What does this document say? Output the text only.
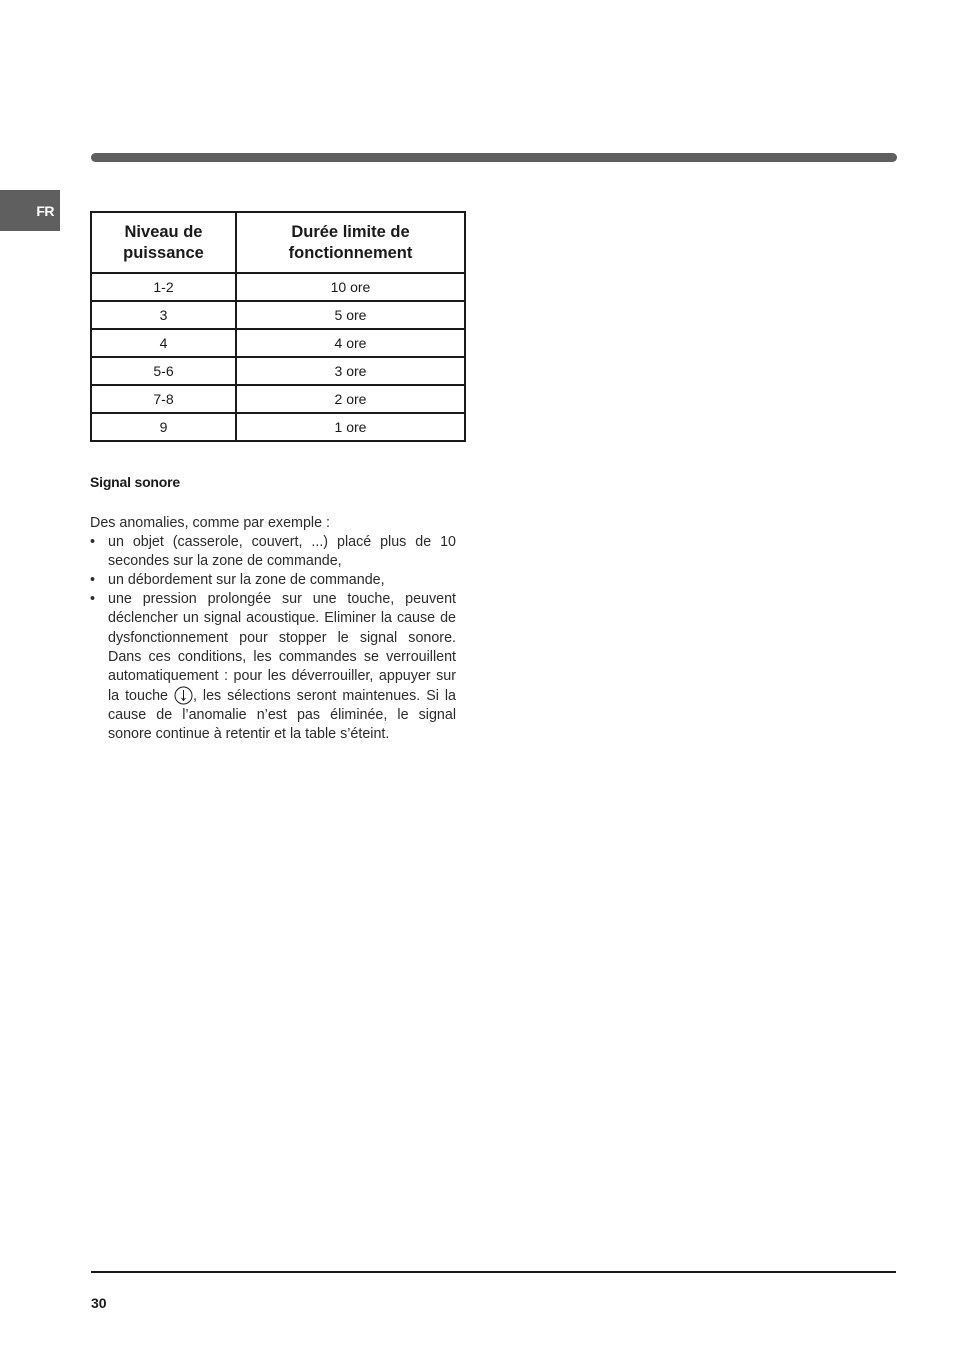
FR
Niveau de puissance	Durée limite de fonctionnement
1-2	10 ore
3	5 ore
4	4 ore
5-6	3 ore
7-8	2 ore
9	1 ore
Signal sonore

Des anomalies, comme par exemple :

• un objet (casserole, couvert, ...) placé plus de 10 secondes sur la zone de commande,
• un débordement sur la zone de commande,
• une pression prolongée sur une touche, peuvent déclencher un signal acoustique. Eliminer la cause de dysfonctionnement pour stopper le signal sonore. Dans ces conditions, les commandes se verrouillent automatiquement : pour les déverrouiller, appuyer sur la touche , les sélections seront maintenues. Si la cause de l’anomalie n’est pas éliminée, le signal sonore continue à retentir et la table s’éteint.
30
